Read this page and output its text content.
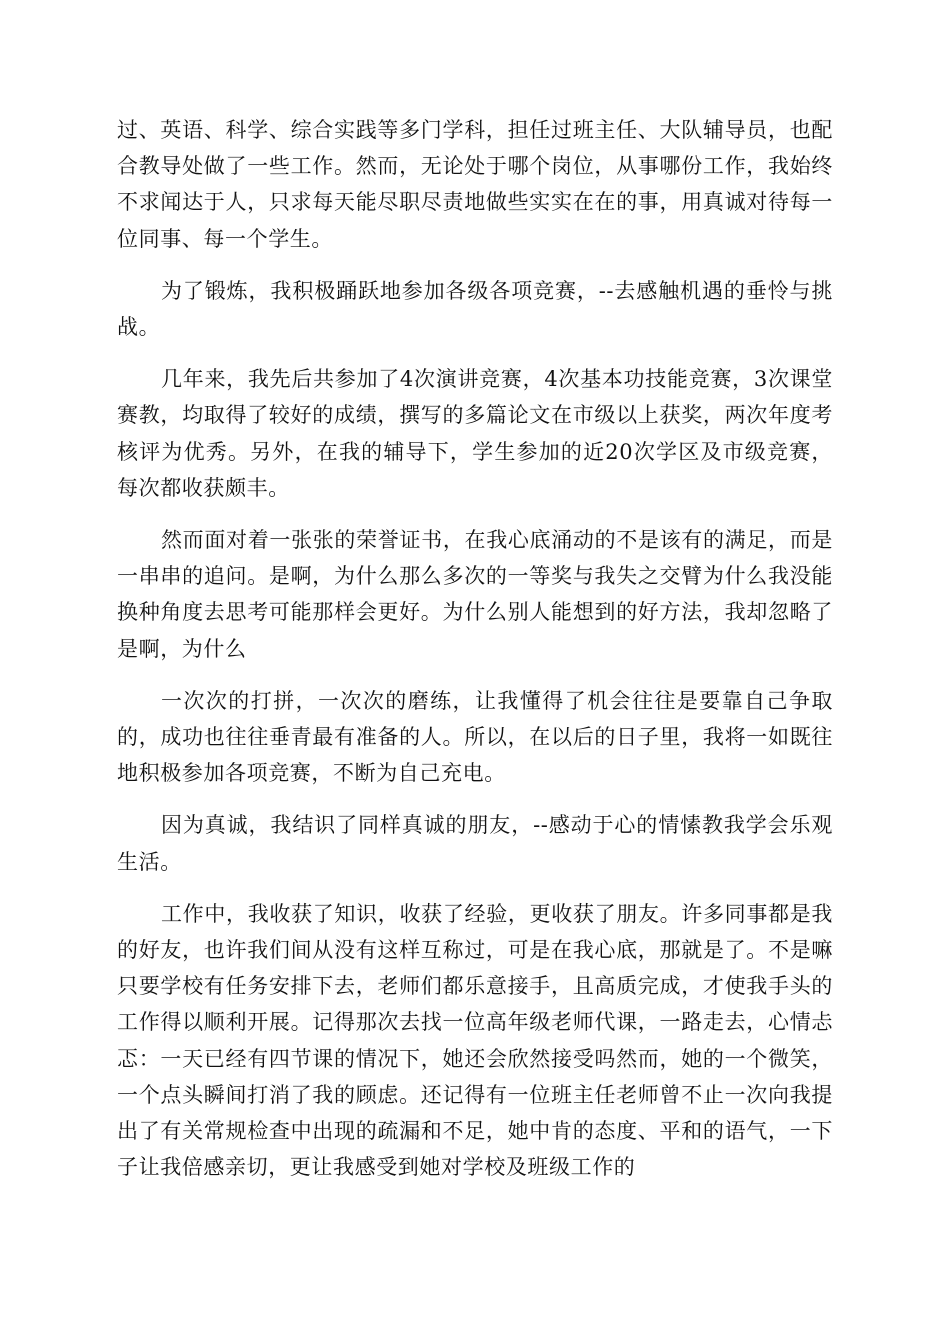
过、英语、科学、综合实践等多门学科，担任过班主任、大队辅导员，也配合教导处做了一些工作。然而，无论处于哪个岗位，从事哪份工作，我始终不求闻达于人，只求每天能尽职尽责地做些实实在在的事，用真诚对待每一位同事、每一个学生。

为了锻炼，我积极踊跃地参加各级各项竞赛，--去感触机遇的垂怜与挑战。

几年来，我先后共参加了4次演讲竞赛，4次基本功技能竞赛，3次课堂赛教，均取得了较好的成绩，撰写的多篇论文在市级以上获奖，两次年度考核评为优秀。另外，在我的辅导下，学生参加的近20次学区及市级竞赛，每次都收获颇丰。

然而面对着一张张的荣誉证书，在我心底涌动的不是该有的满足，而是一串串的追问。是啊，为什么那么多次的一等奖与我失之交臂为什么我没能换种角度去思考可能那样会更好。为什么别人能想到的好方法，我却忽略了是啊，为什么

一次次的打拼，一次次的磨练，让我懂得了机会往往是要靠自己争取的，成功也往往垂青最有准备的人。所以，在以后的日子里，我将一如既往地积极参加各项竞赛，不断为自己充电。

因为真诚，我结识了同样真诚的朋友，--感动于心的情愫教我学会乐观生活。

工作中，我收获了知识，收获了经验，更收获了朋友。许多同事都是我的好友，也许我们间从没有这样互称过，可是在我心底，那就是了。不是嘛只要学校有任务安排下去，老师们都乐意接手，且高质完成，才使我手头的工作得以顺利开展。记得那次去找一位高年级老师代课，一路走去，心情忐忑：一天已经有四节课的情况下，她还会欣然接受吗然而，她的一个微笑，一个点头瞬间打消了我的顾虑。还记得有一位班主任老师曾不止一次向我提出了有关常规检查中出现的疏漏和不足，她中肯的态度、平和的语气，一下子让我倍感亲切，更让我感受到她对学校及班级工作的
